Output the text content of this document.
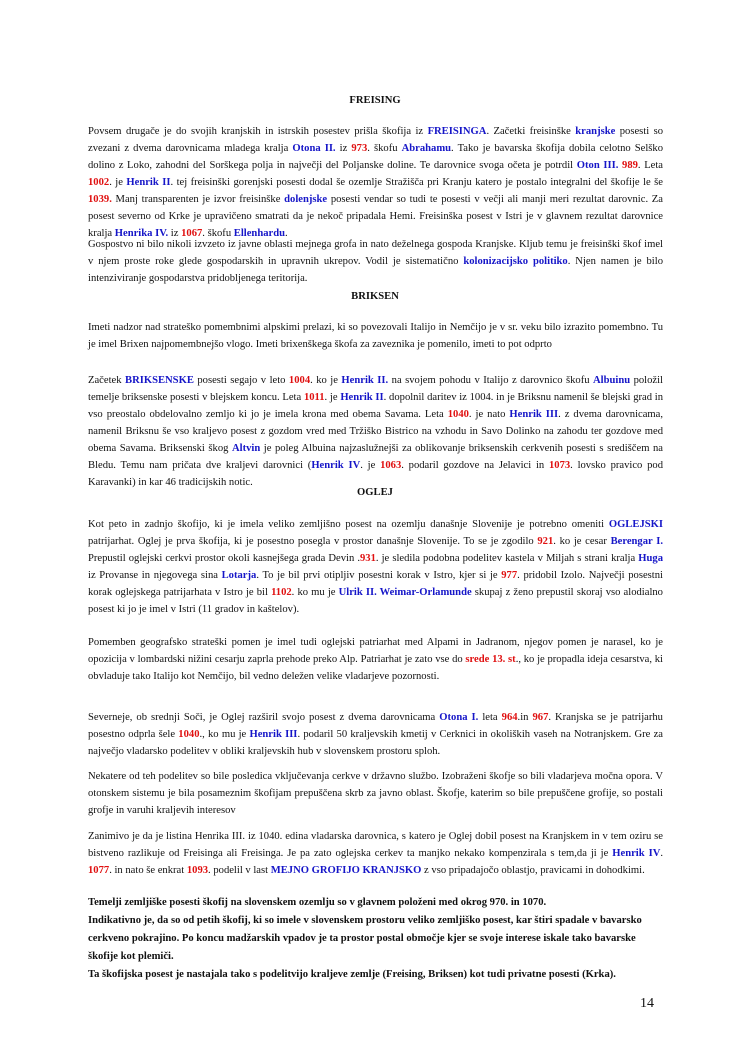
FREISING

Povsem drugače je do svojih kranjskih in istrskih posestev prišla škofija iz FREISINGA. Začetki freisinške kranjske posesti so zvezani z dvema darovnicama mladega kralja Otona II. iz 973. škofu Abrahamu. Tako je bavarska škofija dobila celotno Selško dolino z Loko, zahodni del Sorškega polja in največji del Poljanske doline. Te darovnice svoga očeta je potrdil Oton III. 989. Leta 1002. je Henrik II. tej freisinški gorenjski posesti dodal še ozemlje Stražišča pri Kranju katero je postalo integralni del škofije le še 1039. Manj transparenten je izvor freisinške dolenjske posesti vendar so tudi te posesti v večji ali manji meri rezultat darovnic. Za posest severno od Krke je upravičeno smatrati da je nekoč pripadala Hemi. Freisinška posest v Istri je v glavnem rezultat darovnice kralja Henrika IV. iz 1067. škofu Ellenhardu.

Gospostvo ni bilo nikoli izvzeto iz javne oblasti mejnega grofa in nato deželnega gospoda Kranjske. Kljub temu je freisinški škof imel v njem proste roke glede gospodarskih in upravnih ukrepov. Vodil je sistematično kolonizacijsko politiko. Njen namen je bilo intenziviranje gospodarstva pridobljenega teritorija.

BRIKSEN

Imeti nadzor nad strateško pomembnimi alpskimi prelazi, ki so povezovali Italijo in Nemčijo je v sr. veku bilo izrazito pomembno. Tu je imel Brixen najpomembnejšo vlogo. Imeti brixenškega škofa za zaveznika je pomenilo, imeti to pot odprto

Začetek BRIKSENSKE posesti segajo v leto 1004. ko je Henrik II. na svojem pohodu v Italijo z darovnico škofu Albuinu položil temelje briksenske posesti v blejskem koncu. Leta 1011. je Henrik II. dopolnil daritev iz 1004. in je Briksnu namenil še blejski grad in vso preostalo obdelovalno zemljo ki jo je imela krona med obema Savama. Leta 1040. je nato Henrik III. z dvema darovnicama, namenil Briksnu še vso kraljevo posest z gozdom vred med Tržiško Bistrico na vzhodu in Savo Dolinko na zahodu ter gozdove med obema Savama. Briksenski škog Altvin je poleg Albuina najzaslužnejši za oblikovanje briksenskih cerkvenih posesti s središčem na Bledu. Temu nam pričata dve kraljevi darovnici (Henrik IV. je 1063. podaril gozdove na Jelavici in 1073. lovsko pravico pod Karavanki) in kar 46 tradicijskih notic.

OGLEJ

Kot peto in zadnjo škofijo, ki je imela veliko zemljišno posest na ozemlju današnje Slovenije je potrebno omeniti OGLEJSKI patrijarhat. Oglej je prva škofija, ki je posestno posegla v prostor današnje Slovenije. To se je zgodilo 921. ko je cesar Berengar I. Prepustil oglejski cerkvi prostor okoli kasnejšega grada Devin .931. je sledila podobna podelitev kastela v Miljah s strani kralja Huga iz Provanse in njegovega sina Lotarja. To je bil prvi otipljiv posestni korak v Istro, kjer si je 977. pridobil Izolo. Največji posestni korak oglejskega patrijarhata v Istro je bil 1102. ko mu je Ulrik II. Weimar-Orlamunde skupaj z ženo prepustil skoraj vso alodialno posest ki jo je imel v Istri (11 gradov in kaštelov).

Pomemben geografsko strateški pomen je imel tudi oglejski patriarhat med Alpami in Jadranom, njegov pomen je narasel, ko je opozicija v lombardski nižini cesarju zaprla prehode preko Alp. Patriarhat je zato vse do srede 13. st., ko je propadla ideja cesarstva, ki obvladuje tako Italijo kot Nemčijo, bil vedno deležen velike vladarjeve pozornosti.

Severneje, ob srednji Soči, je Oglej razširil svojo posest z dvema darovnicama Otona I. leta 964.in 967. Kranjska se je patrijarhu posestno odprla šele 1040., ko mu je Henrik III. podaril 50 kraljevskih kmetij v Cerknici in okoliških vaseh na Notranjskem. Gre za največjo vladarsko podelitev v obliki kraljevskih hub v slovenskem prostoru sploh.

Nekatere od teh podelitev so bile posledica vključevanja cerkve v državno službo. Izobraženi škofje so bili vladarjeva močna opora. V otonskem sistemu je bila posameznim škofijam prepuščena skrb za javno oblast. Škofje, katerim so bile prepuščene grofije, so postali grofje in varuhi kraljevih interesov

Zanimivo je da je listina Henrika III. iz 1040. edina vladarska darovnica, s katero je Oglej dobil posest na Kranjskem in v tem oziru se bistveno razlikuje od Freisinga ali Freisinga. Je pa zato oglejska cerkev ta manjko nekako kompenzirala s tem,da ji je Henrik IV. 1077. in nato še enkrat 1093. podelil v last MEJNO GROFIJO KRANJSKO z vso pripadajočo oblastjo, pravicami in dohodkimi.

Temelji zemljiške posesti škofij na slovenskem ozemlju so v glavnem položeni med okrog 970. in 1070.
Indikativno je, da so od petih škofij, ki so imele v slovenskem prostoru veliko zemljiško posest, kar štiri spadale v bavarsko cerkveno pokrajino. Po koncu madžarskih vpadov je ta prostor postal območje kjer se svoje interese iskale tako bavarske škofije kot plemiči.
Ta škofijska posest je nastajala tako s podelitvijo kraljeve zemlje (Freising, Briksen) kot tudi privatne posesti (Krka).
14
